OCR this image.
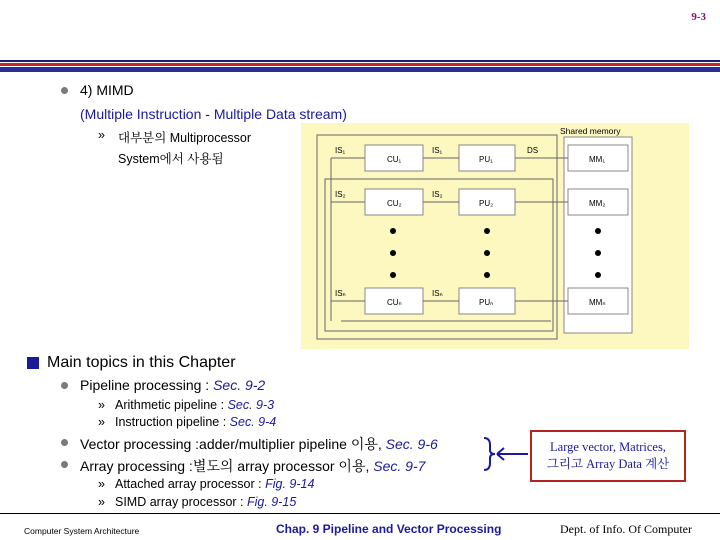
9-3
4) MIMD
(Multiple Instruction - Multiple Data stream)
» 대부분의 Multiprocessor
System에서 사용됨
Shared memory
DS
IS₁
CU₁
IS₁
PU₁	MM₁
IS₂
CU₂
IS₂
PU₂	MM₂
ISₙ
CUₙ
ISₙ
PUₙ	MMₙ
Main topics in this Chapter
Pipeline processing : Sec. 9-2
» Arithmetic pipeline : Sec. 9-3
» Instruction pipeline : Sec. 9-4
Vector processing :adder/multiplier pipeline 이용, Sec. 9-6
Array processing :별도의 array processor 이용, Sec. 9-7
Large vector, Matrices,
그리고 Array Data 계산
» Attached array processor : Fig. 9-14
» SIMD array processor : Fig. 9-15
Computer System Architecture	Chap. 9 Pipeline and Vector Processing	Dept. of Info. Of Computer
